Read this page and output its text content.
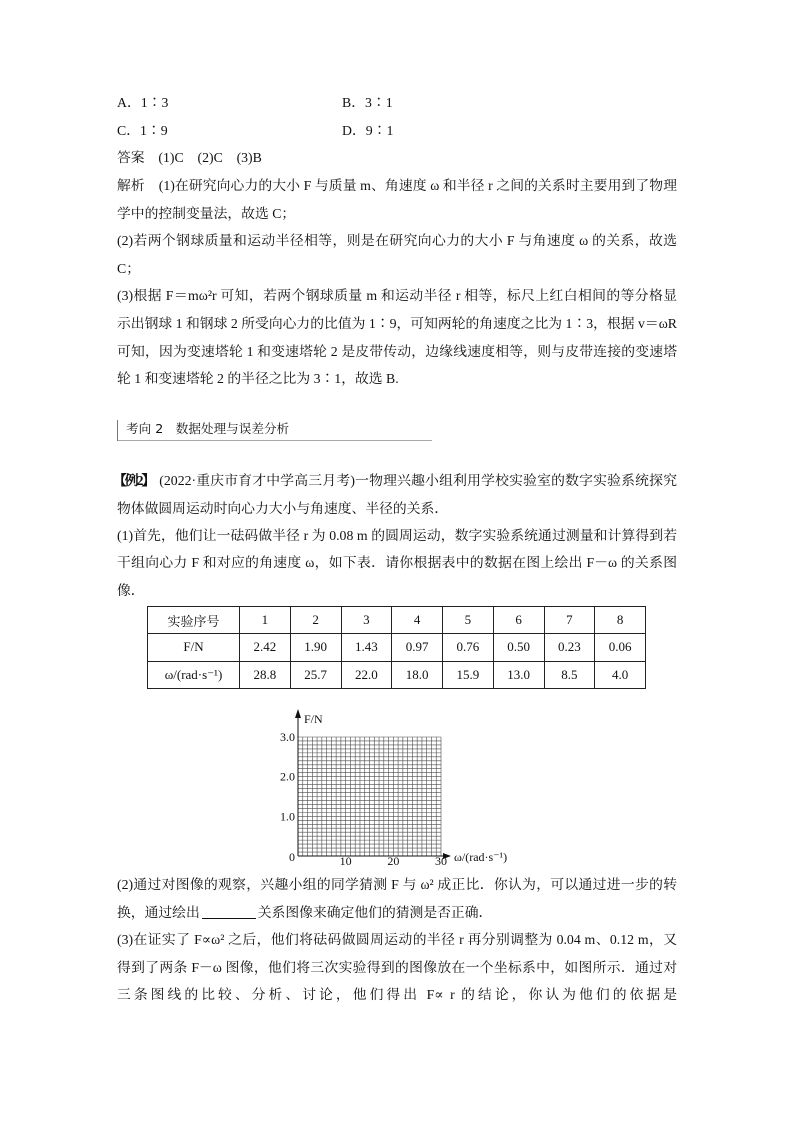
A．1∶3	B．3∶1
C．1∶9	D．9∶1
答案　(1)C　(2)C　(3)B
解析　(1)在研究向心力的大小 F 与质量 m、角速度 ω 和半径 r 之间的关系时主要用到了物理
学中的控制变量法，故选 C；
(2)若两个钢球质量和运动半径相等，则是在研究向心力的大小 F 与角速度 ω 的关系，故选
C；
(3)根据 F＝mω²r 可知，若两个钢球质量 m 和运动半径 r 相等，标尺上红白相间的等分格显
示出钢球 1 和钢球 2 所受向心力的比值为 1∶9，可知两轮的角速度之比为 1∶3，根据 v＝ωR
可知，因为变速塔轮 1 和变速塔轮 2 是皮带传动，边缘线速度相等，则与皮带连接的变速塔
轮 1 和变速塔轮 2 的半径之比为 3∶1，故选 B.
考向 2　数据处理与误差分析
【例2】 (2022·重庆市育才中学高三月考)一物理兴趣小组利用学校实验室的数字实验系统探究
物体做圆周运动时向心力大小与角速度、半径的关系．
(1)首先，他们让一砝码做半径 r 为 0.08 m 的圆周运动，数字实验系统通过测量和计算得到若
干组向心力 F 和对应的角速度 ω，如下表．请你根据表中的数据在图上绘出 F－ω 的关系图
像．
实验序号	1	2	3	4	5	6	7	8
F/N	2.42	1.90	1.43	0.97	0.76	0.50	0.23	0.06
ω/(rad·s⁻¹)	28.8	25.7	22.0	18.0	15.9	13.0	8.5	4.0
F/N
ω/(rad·s⁻¹)
0
1.0
2.0
3.0
10	20	30
(2)通过对图像的观察，兴趣小组的同学猜测 F 与 ω² 成正比．你认为，可以通过进一步的转
换，通过绘出	关系图像来确定他们的猜测是否正确．
(3)在证实了 F∝ω² 之后，他们将砝码做圆周运动的半径 r 再分别调整为 0.04 m、0.12 m，又
得到了两条 F－ω 图像，他们将三次实验得到的图像放在一个坐标系中，如图所示．通过对
三条图线的比较、分析、讨论，他们得出 F∝ r 的结论，你认为他们的依据是
